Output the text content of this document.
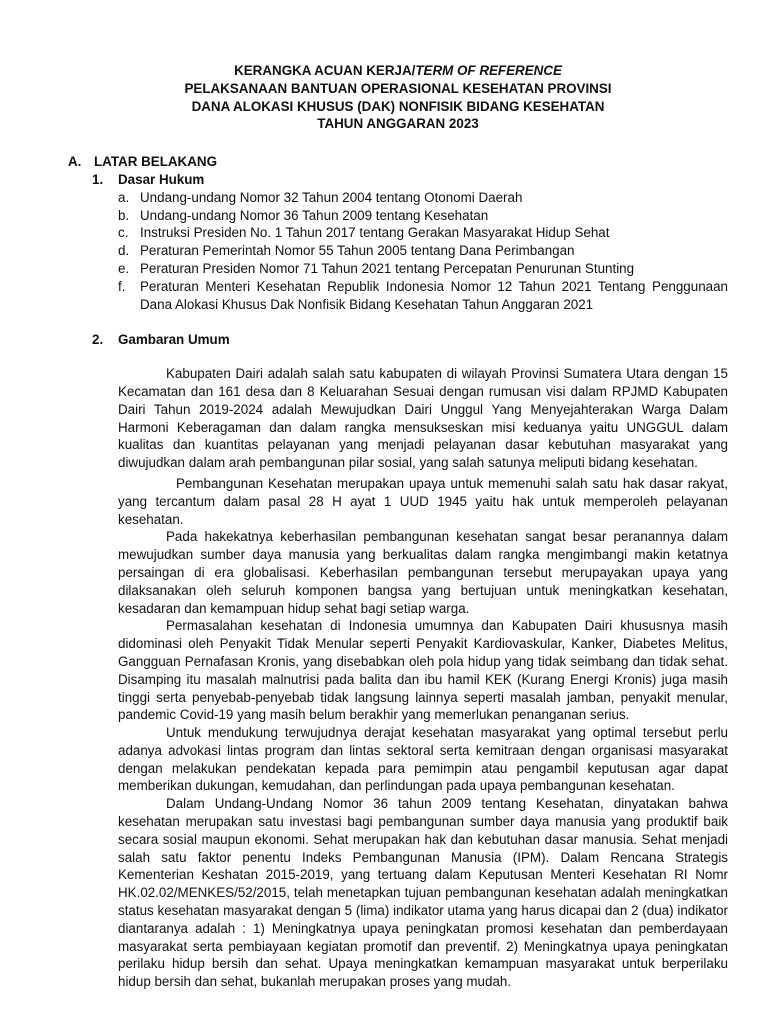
KERANGKA ACUAN KERJA/TERM OF REFERENCE
PELAKSANAAN BANTUAN OPERASIONAL KESEHATAN PROVINSI
DANA ALOKASI KHUSUS (DAK) NONFISIK BIDANG KESEHATAN
TAHUN ANGGARAN 2023
A. LATAR BELAKANG
1.	Dasar Hukum
a. Undang-undang Nomor 32 Tahun 2004 tentang Otonomi Daerah
b. Undang-undang Nomor 36 Tahun 2009 tentang Kesehatan
c. Instruksi Presiden No. 1 Tahun 2017 tentang Gerakan Masyarakat Hidup Sehat
d. Peraturan Pemerintah Nomor 55 Tahun 2005 tentang Dana Perimbangan
e. Peraturan Presiden Nomor 71 Tahun 2021 tentang Percepatan Penurunan Stunting
f.	Peraturan Menteri Kesehatan Republik Indonesia Nomor 12 Tahun 2021 Tentang Penggunaan Dana Alokasi Khusus Dak Nonfisik Bidang Kesehatan Tahun Anggaran 2021
2.	Gambaran Umum

Kabupaten Dairi adalah salah satu kabupaten di wilayah Provinsi Sumatera Utara dengan 15 Kecamatan dan 161 desa dan 8 Keluarahan Sesuai dengan rumusan visi dalam RPJMD Kabupaten Dairi Tahun 2019-2024 adalah Mewujudkan Dairi Unggul Yang Menyejahterakan Warga Dalam Harmoni Keberagaman dan dalam rangka mensukseskan misi keduanya yaitu UNGGUL dalam kualitas dan kuantitas pelayanan yang menjadi pelayanan dasar kebutuhan masyarakat yang diwujudkan dalam arah pembangunan pilar sosial, yang salah satunya meliputi bidang kesehatan.

Pembangunan Kesehatan merupakan upaya untuk memenuhi salah satu hak dasar rakyat, yang tercantum dalam pasal 28 H ayat 1 UUD 1945 yaitu hak untuk memperoleh pelayanan kesehatan.

Pada hakekatnya keberhasilan pembangunan kesehatan sangat besar peranannya dalam mewujudkan sumber daya manusia yang berkualitas dalam rangka mengimbangi makin ketatnya persaingan di era globalisasi. Keberhasilan pembangunan tersebut merupayakan upaya yang dilaksanakan oleh seluruh komponen bangsa yang bertujuan untuk meningkatkan kesehatan, kesadaran dan kemampuan hidup sehat bagi setiap warga.

Permasalahan kesehatan di Indonesia umumnya dan Kabupaten Dairi khususnya masih didominasi oleh Penyakit Tidak Menular seperti Penyakit Kardiovaskular, Kanker, Diabetes Melitus, Gangguan Pernafasan Kronis, yang disebabkan oleh pola hidup yang tidak seimbang dan tidak sehat. Disamping itu masalah malnutrisi pada balita dan ibu hamil KEK (Kurang Energi Kronis) juga masih tinggi serta penyebab-penyebab tidak langsung lainnya seperti masalah jamban, penyakit menular, pandemic Covid-19 yang masih belum berakhir yang memerlukan penanganan serius.

Untuk mendukung terwujudnya derajat kesehatan masyarakat yang optimal tersebut perlu adanya advokasi lintas program dan lintas sektoral serta kemitraan dengan organisasi masyarakat dengan melakukan pendekatan kepada para pemimpin atau pengambil keputusan agar dapat memberikan dukungan, kemudahan, dan perlindungan pada upaya pembangunan kesehatan.

Dalam Undang-Undang Nomor 36 tahun 2009 tentang Kesehatan, dinyatakan bahwa kesehatan merupakan satu investasi bagi pembangunan sumber daya manusia yang produktif baik secara sosial maupun ekonomi. Sehat merupakan hak dan kebutuhan dasar manusia. Sehat menjadi salah satu faktor penentu Indeks Pembangunan Manusia (IPM). Dalam Rencana Strategis Kementerian Keshatan 2015-2019, yang tertuang dalam Keputusan Menteri Kesehatan RI Nomr HK.02.02/MENKES/52/2015, telah menetapkan tujuan pembangunan kesehatan adalah meningkatkan status kesehatan masyarakat dengan 5 (lima) indikator utama yang harus dicapai dan 2 (dua) indikator diantaranya adalah : 1) Meningkatnya upaya peningkatan promosi kesehatan dan pemberdayaan masyarakat serta pembiayaan kegiatan promotif dan preventif. 2) Meningkatnya upaya peningkatan perilaku hidup bersih dan sehat. Upaya meningkatkan kemampuan masyarakat untuk berperilaku hidup bersih dan sehat, bukanlah merupakan proses yang mudah.
